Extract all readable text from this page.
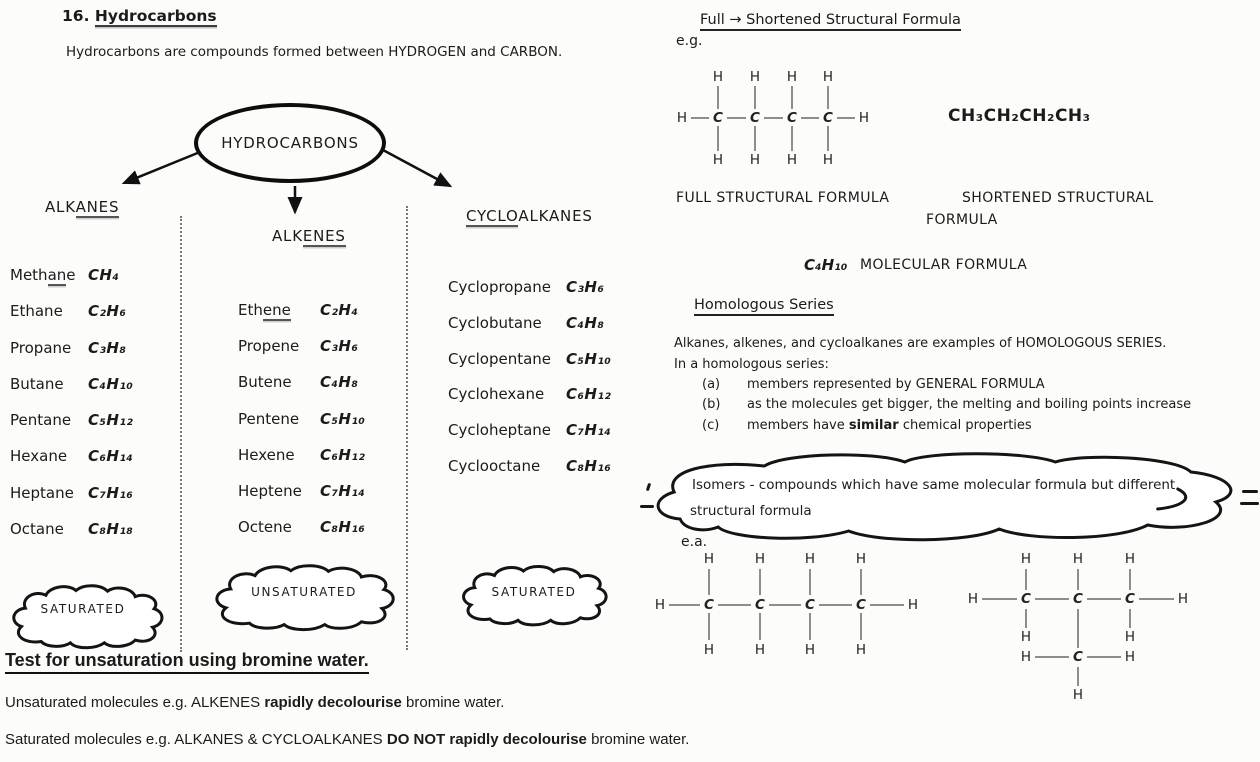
16. Hydrocarbons
Hydrocarbons are compounds formed between HYDROGEN and CARBON.
HYDROCARBONS
ALKANES
ALKENES
CYCLOALKANES
Methane CH₄
Ethane	C₂H₆
Propane	C₃H₈
Butane	C₄H₁₀
Pentane	C₅H₁₂
Hexane	C₆H₁₄
Heptane C₇H₁₆
Octane	C₈H₁₈
Ethene	C₂H₄
Propene	C₃H₆
Butene	C₄H₈
Pentene	C₅H₁₀
Hexene	C₆H₁₂
Heptene	C₇H₁₄
Octene	C₈H₁₆
Cyclopropane	C₃H₆
Cyclobutane	C₄H₈
Cyclopentane C₅H₁₀
Cyclohexane	C₆H₁₂
Cycloheptane C₇H₁₄
Cyclooctane	C₈H₁₆
SATURATED
UNSATURATED	SATURATED
Test for unsaturation using bromine water.
Unsaturated molecules e.g. ALKENES rapidly decolourise bromine water.
Saturated molecules e.g. ALKANES & CYCLOALKANES DO NOT rapidly decolourise bromine water.
Full → Shortened Structural Formula
e.g.
H C C C C H
H H H H
H H H H
CH₃CH₂CH₂CH₃
FULL STRUCTURAL FORMULA	SHORTENED STRUCTURAL
FORMULA
C₄H₁₀ MOLECULAR FORMULA
Homologous Series
Alkanes, alkenes, and cycloalkanes are examples of HOMOLOGOUS SERIES.
In a homologous series:
(a)	members represented by GENERAL FORMULA
(b)	as the molecules get bigger, the melting and boiling points increase
(c)	members have similar chemical properties
Isomers - compounds which have same molecular formula but different
structural formula
e.a.
H	C	C	C	C	H
H	H	H	H
H	H	H	H
H	C	C	C	H
H	H	H
H	H
H	C	H
H
